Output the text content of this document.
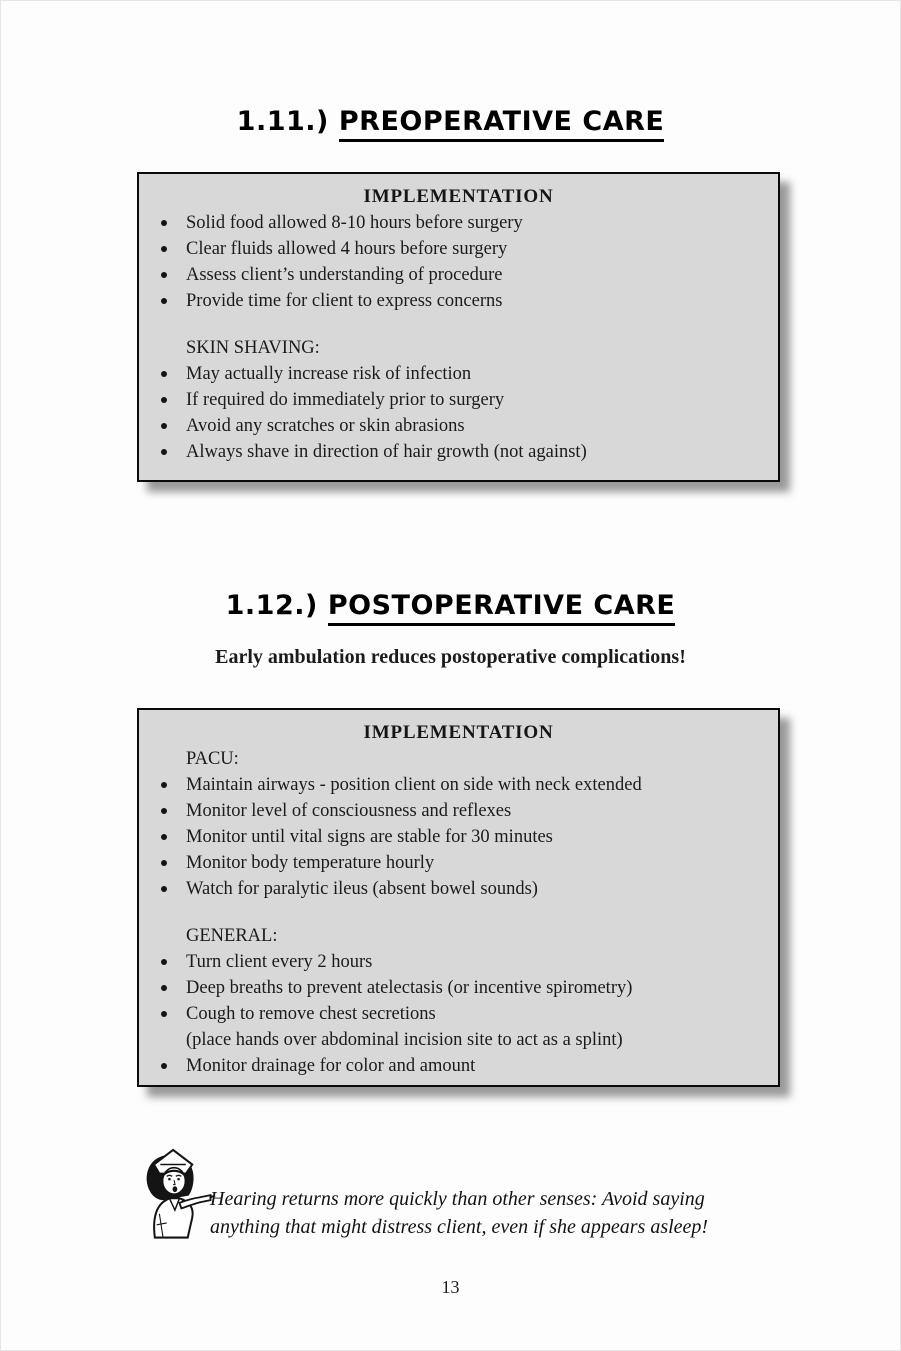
1.11.) PREOPERATIVE CARE
IMPLEMENTATION
Solid food allowed 8-10 hours before surgery
Clear fluids allowed 4 hours before surgery
Assess client’s understanding of procedure
Provide time for client to express concerns
SKIN SHAVING:
May actually increase risk of infection
If required do immediately prior to surgery
Avoid any scratches or skin abrasions
Always shave in direction of hair growth (not against)
1.12.) POSTOPERATIVE CARE
Early ambulation reduces postoperative complications!
IMPLEMENTATION
PACU:
Maintain airways - position client on side with neck extended
Monitor level of consciousness and reflexes
Monitor until vital signs are stable for 30 minutes
Monitor body temperature hourly
Watch for paralytic ileus (absent bowel sounds)
GENERAL:
Turn client every 2 hours
Deep breaths to prevent atelectasis (or incentive spirometry)
Cough to remove chest secretions
(place hands over abdominal incision site to act as a splint)
Monitor drainage for color and amount
Hearing returns more quickly than other senses: Avoid saying
anything that might distress client, even if she appears asleep!
13
